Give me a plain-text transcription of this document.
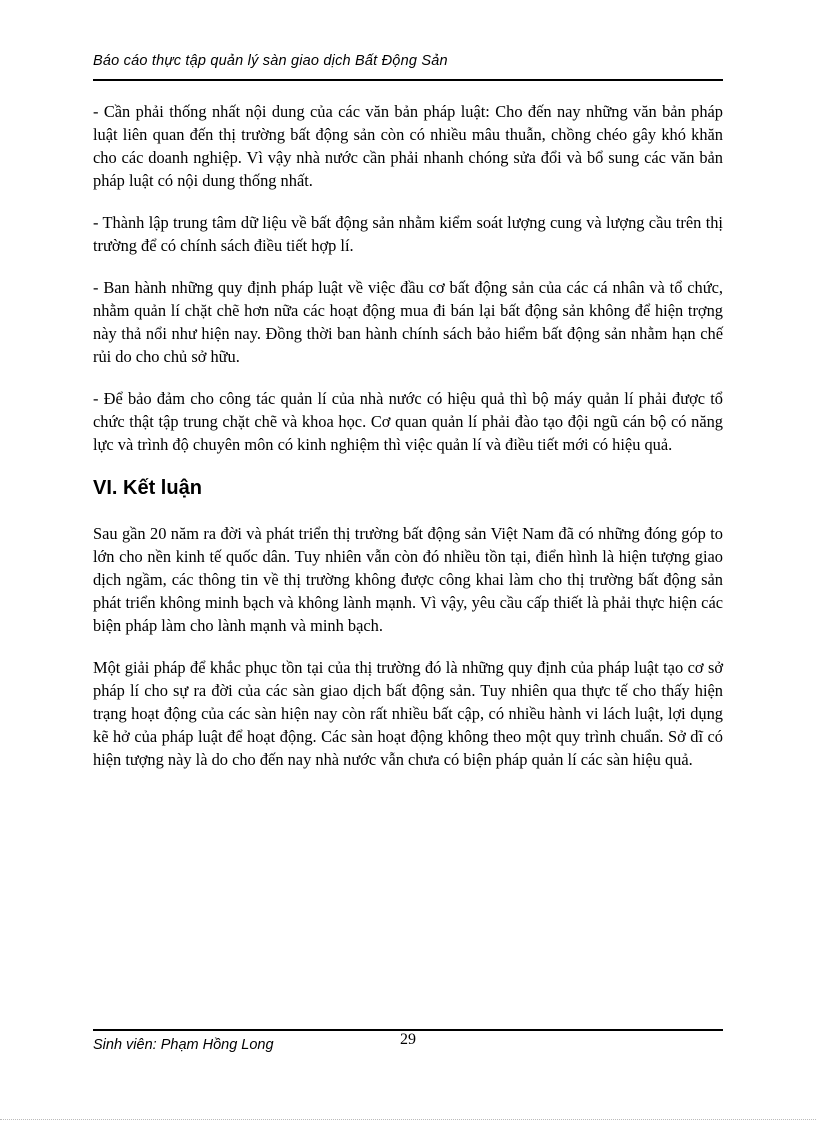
Báo cáo thực tập quản lý sàn giao dịch Bất Động Sản

- Cần phải thống nhất nội dung của các văn bản pháp luật: Cho đến nay những văn bản pháp luật liên quan đến thị trường bất động sản còn có nhiều mâu thuẫn, chồng chéo gây khó khăn cho các doanh nghiệp. Vì vậy nhà nước cần phải nhanh chóng sửa đổi và bổ sung các văn bản pháp luật có nội dung thống nhất.

- Thành lập trung tâm dữ liệu về bất động sản nhằm kiểm soát lượng cung và lượng cầu trên thị trường để có chính sách điều tiết hợp lí.

- Ban hành những quy định pháp luật về việc đầu cơ bất động sản của các cá nhân và tổ chức, nhằm quản lí chặt chẽ hơn nữa các hoạt động mua đi bán lại bất động sản không để hiện trợng này thả nổi như hiện nay. Đồng thời ban hành chính sách bảo hiểm bất động sản nhằm hạn chế rủi do cho chủ sở hữu.

- Để bảo đảm cho công tác quản lí của nhà nước có hiệu quả thì bộ máy quản lí phải được tổ chức thật tập trung chặt chẽ và khoa học. Cơ quan quản lí phải đào tạo đội ngũ cán bộ có năng lực và trình độ chuyên môn có kinh nghiệm thì việc quản lí và điều tiết mới có hiệu quả.

VI. Kết luận

Sau gần 20 năm ra đời và phát triển thị trường bất động sản Việt Nam đã có những đóng góp to lớn cho nền kinh tế quốc dân. Tuy nhiên vẫn còn đó nhiều tồn tại, điển hình là hiện tượng giao dịch ngầm, các thông tin về thị trường không được công khai làm cho thị trường bất động sản phát triển không minh bạch và không lành mạnh. Vì vậy, yêu cầu cấp thiết là phải thực hiện các biện pháp làm cho lành mạnh và minh bạch.

Một giải pháp để khắc phục tồn tại của thị trường đó là những quy định của pháp luật tạo cơ sở pháp lí cho sự ra đời của các sàn giao dịch bất động sản. Tuy nhiên qua thực tế cho thấy hiện trạng hoạt động của các sàn hiện nay còn rất nhiều bất cập, có nhiều hành vi lách luật, lợi dụng kẽ hở của pháp luật để hoạt động. Các sàn hoạt động không theo một quy trình chuẩn. Sở dĩ có hiện tượng này là do cho đến nay nhà nước vẫn chưa có biện pháp quản lí các sàn hiệu quả.

Sinh viên: Phạm Hồng Long	29
